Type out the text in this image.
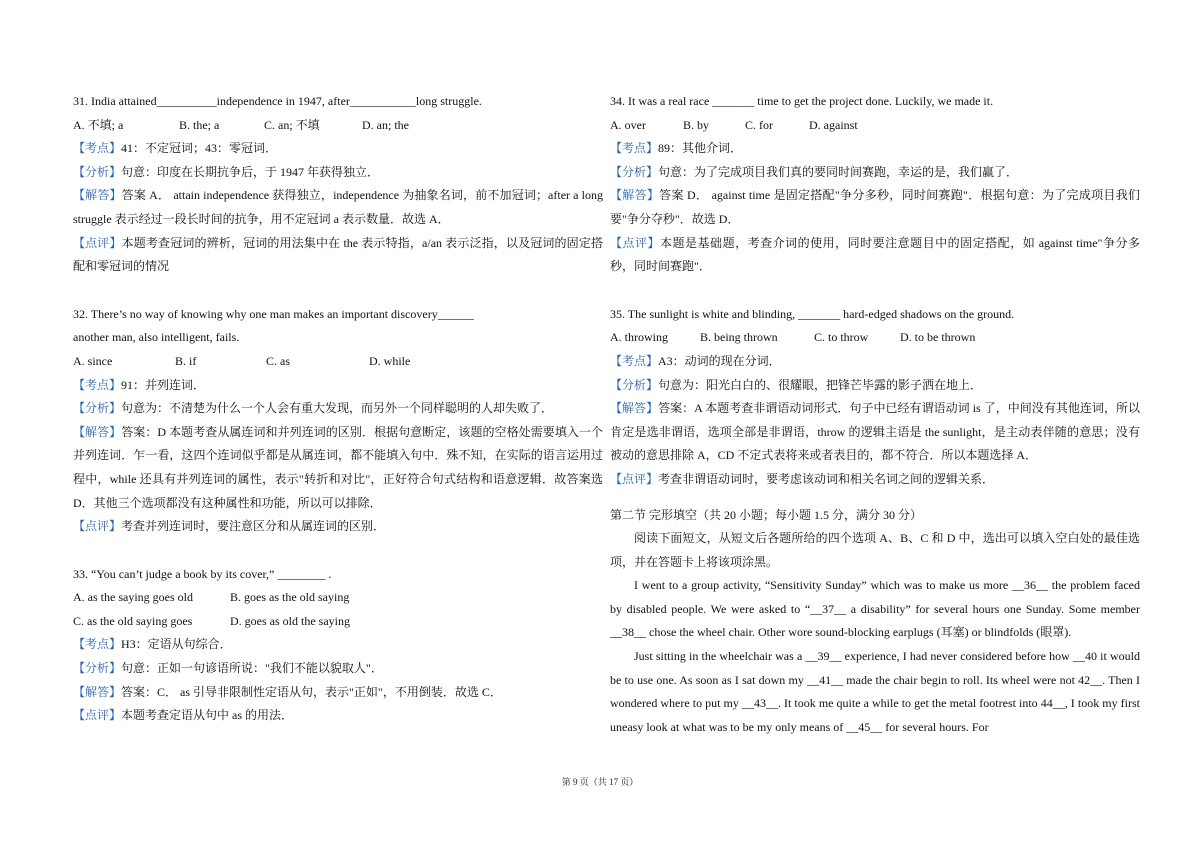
31. India attained__________independence in 1947, after___________long struggle.
A. 不填; a	B. the; a	C. an; 不填	D. an; the
【考点】41：不定冠词；43：零冠词．
【分析】句意：印度在长期抗争后，于 1947 年获得独立．
【解答】答案 A． attain independence 获得独立，independence 为抽象名词，前不加冠词；after a long struggle 表示经过一段长时间的抗争，用不定冠词 a 表示数量．故选 A．
【点评】本题考查冠词的辨析，冠词的用法集中在 the 表示特指，a/an 表示泛指，以及冠词的固定搭配和零冠词的情况
32. There’s no way of knowing why one man makes an important discovery______
another man, also intelligent, fails.
A. since	B. if	C. as	D. while
【考点】91：并列连词．
【分析】句意为：不清楚为什么一个人会有重大发现，而另外一个同样聪明的人却失败了．
【解答】答案：D 本题考查从属连词和并列连词的区别．根据句意断定，该题的空格处需要填入一个并列连词．乍一看，这四个连词似乎都是从属连词，都不能填入句中．殊不知，在实际的语言运用过程中，while 还具有并列连词的属性，表示"转折和对比"，正好符合句式结构和语意逻辑．故答案选 D．其他三个选项都没有这种属性和功能，所以可以排除．
【点评】考查并列连词时，要注意区分和从属连词的区别．
33. “You can’t judge a book by its cover,” ________ .
A. as the saying goes old	B. goes as the old saying
C. as the old saying goes	D. goes as old the saying
【考点】H3：定语从句综合．
【分析】句意：正如一句谚语所说："我们不能以貌取人"．
【解答】答案：C． as 引导非限制性定语从句，表示"正如"，不用倒装．故选 C．
【点评】本题考查定语从句中 as 的用法．
34. It was a real race _______ time to get the project done. Luckily, we made it.
A. over	B. by	C. for	D. against
【考点】89：其他介词．
【分析】句意：为了完成项目我们真的要同时间赛跑，幸运的是，我们赢了．
【解答】答案 D． against time 是固定搭配"争分多秒，同时间赛跑"．根据句意：为了完成项目我们要"争分夺秒"．故选 D．
【点评】本题是基础题，考查介词的使用，同时要注意题目中的固定搭配，如 against time"争分多秒，同时间赛跑"．
35. The sunlight is white and blinding, _______ hard-edged shadows on the ground.
A. throwing	B. being thrown	C. to throw	D. to be thrown
【考点】A3：动词的现在分词．
【分析】句意为：阳光白白的、很耀眼，把锋芒毕露的影子洒在地上．
【解答】答案：A 本题考查非谓语动词形式．句子中已经有谓语动词 is 了，中间没有其他连词，所以肯定是选非谓语，选项全部是非谓语，throw 的逻辑主语是 the sunlight，是主动表伴随的意思；没有被动的意思排除 A，CD 不定式表将来或者表目的，都不符合．所以本题选择 A．
【点评】考查非谓语动词时，要考虑该动词和相关名词之间的逻辑关系．
第二节 完形填空（共 20 小题；每小题 1.5 分，满分 30 分）
阅读下面短文，从短文后各题所给的四个选项 A、B、C 和 D 中，选出可以填入空白处的最佳选项，并在答题卡上将该项涂黑。
I went to a group activity, “Sensitivity Sunday” which was to make us more __36__ the problem faced by disabled people. We were asked to “__37__ a disability” for several hours one Sunday. Some member __38__ chose the wheel chair. Other wore sound-blocking earplugs (耳塞) or blindfolds (眼罩).
Just sitting in the wheelchair was a __39__ experience, I had never considered before how __40 it would be to use one. As soon as I sat down my __41__ made the chair begin to roll. Its wheel were not 42__. Then I wondered where to put my __43__. It took me quite a while to get the metal footrest into 44__, I took my first uneasy look at what was to be my only means of __45__ for several hours. For
第 9 页（共 17 页）
